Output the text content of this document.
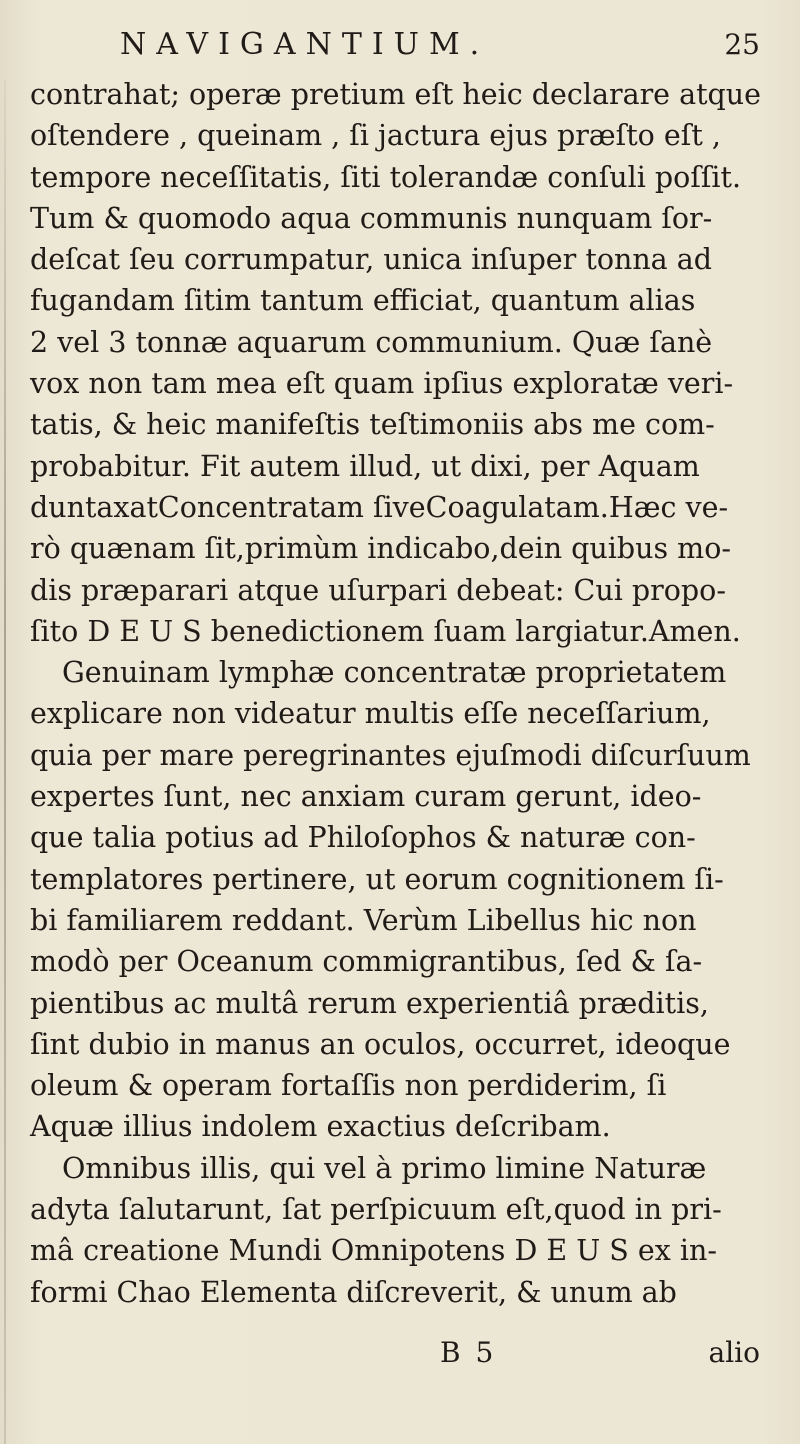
NAVIGANTIUM.	25
contrahat; operæ pretium eſt heic declarare atque
oſtendere , queinam , ſi jactura ejus præſto eſt ,
tempore neceſſitatis, ſiti tolerandæ conſuli poſſit.
Tum & quomodo aqua communis nunquam ſor-
deſcat ſeu corrumpatur, unica inſuper tonna ad
fugandam ſitim tantum efficiat, quantum alias
2 vel 3 tonnæ aquarum communium. Quæ ſanè
vox non tam mea eſt quam ipſius exploratæ veri-
tatis, & heic manifeſtis teſtimoniis abs me com-
probabitur. Fit autem illud, ut dixi, per Aquam
duntaxatConcentratam ſiveCoagulatam.Hæc ve-
rò quænam ſit,primùm indicabo,dein quibus mo-
dis præparari atque uſurpari debeat: Cui propo-
ſito D E U S benedictionem ſuam largiatur.Amen.
Genuinam lymphæ concentratæ proprietatem
explicare non videatur multis eſſe neceſſarium,
quia per mare peregrinantes ejuſmodi diſcurſuum
expertes ſunt, nec anxiam curam gerunt, ideo-
que talia potius ad Philoſophos & naturæ con-
templatores pertinere, ut eorum cognitionem ſi-
bi familiarem reddant. Verùm Libellus hic non
modò per Oceanum commigrantibus, ſed & ſa-
pientibus ac multâ rerum experientiâ præditis,
ſint dubio in manus an oculos, occurret, ideoque
oleum & operam fortaſſis non perdiderim, ſi
Aquæ illius indolem exactius deſcribam.
Omnibus illis, qui vel à primo limine Naturæ
adyta ſalutarunt, ſat perſpicuum eſt,quod in pri-
mâ creatione Mundi Omnipotens D E U S ex in-
formi Chao Elementa diſcreverit, & unum ab
B 5	alio
